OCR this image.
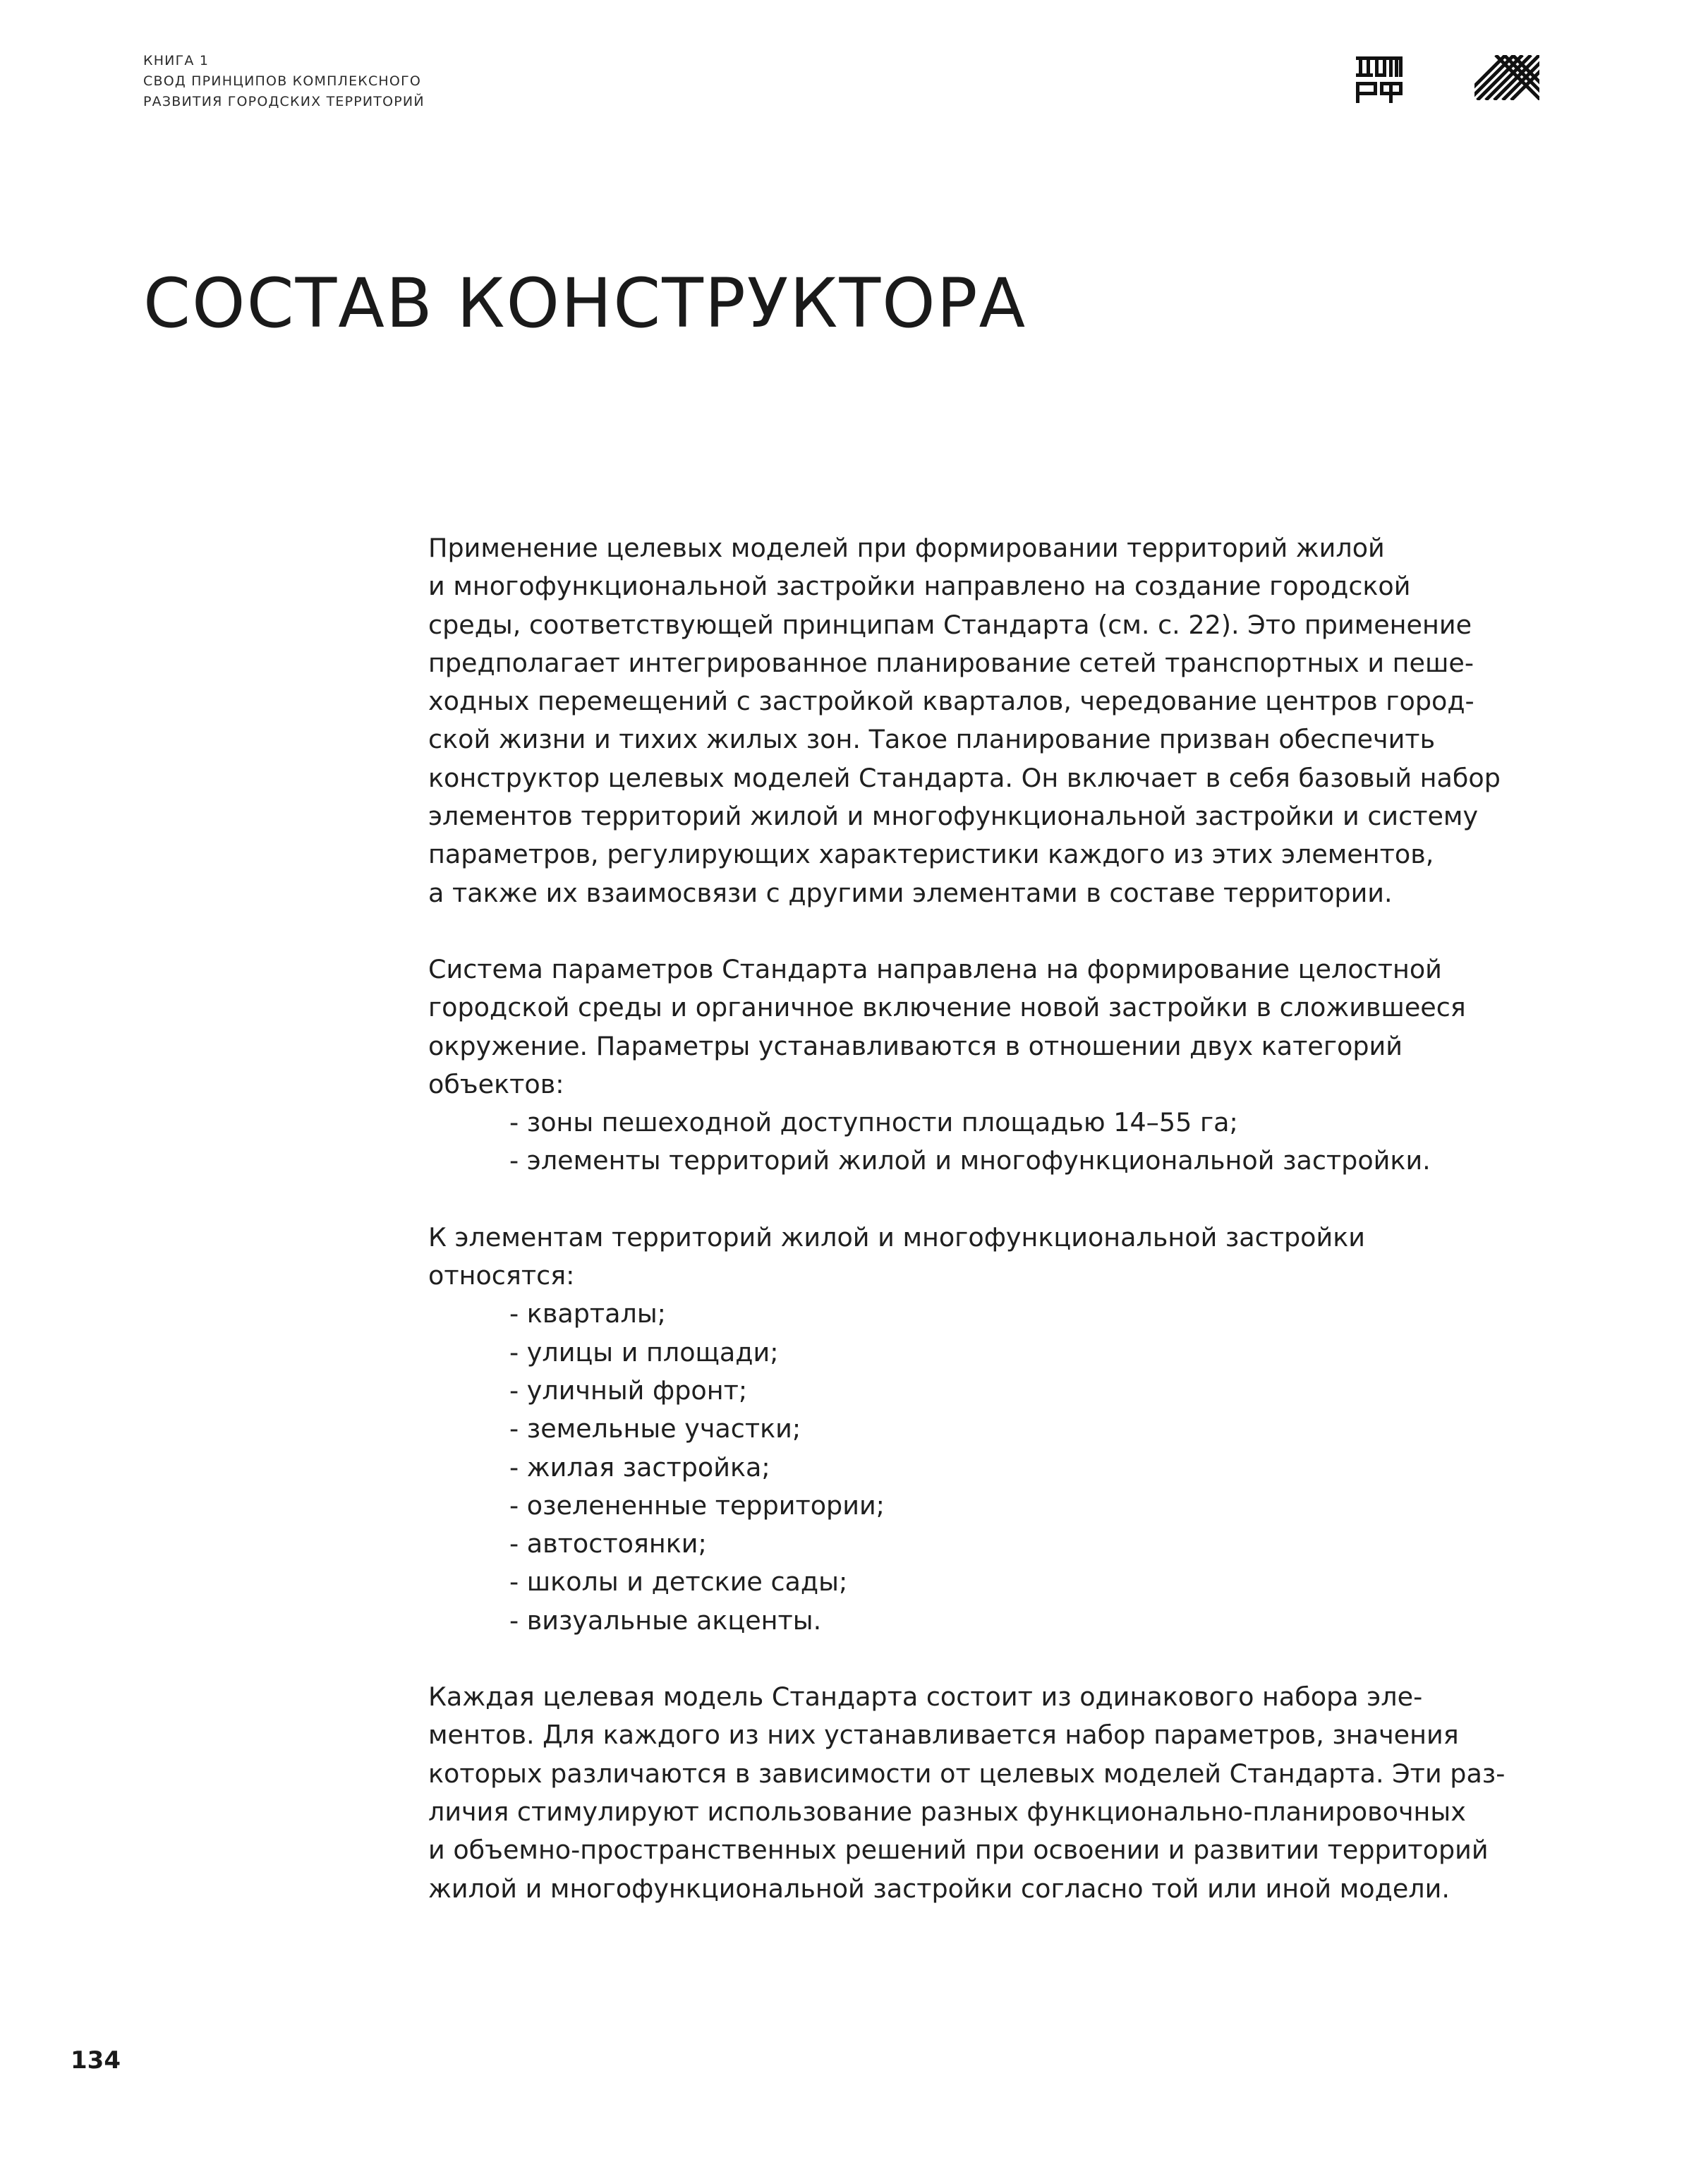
КНИГА 1
СВОД ПРИНЦИПОВ КОМПЛЕКСНОГО
РАЗВИТИЯ ГОРОДСКИХ ТЕРРИТОРИЙ
СОСТАВ КОНСТРУКТОРА

Применение целевых моделей при формировании территорий жилой
и многофункциональной застройки направлено на создание городской
среды, соответствующей принципам Стандарта (см. с. 22). Это применение
предполагает интегрированное планирование сетей транспортных и пеше-
ходных перемещений с застройкой кварталов, чередование центров город-
ской жизни и тихих жилых зон. Такое планирование призван обеспечить
конструктор целевых моделей Стандарта. Он включает в себя базовый набор
элементов территорий жилой и многофункциональной застройки и систему
параметров, регулирующих характеристики каждого из этих элементов,
а также их взаимосвязи с другими элементами в составе территории.

Система параметров Стандарта направлена на формирование целостной
городской среды и органичное включение новой застройки в сложившееся
окружение. Параметры устанавливаются в отношении двух категорий
объектов:

- зоны пешеходной доступности площадью 14–55 га;
- элементы территорий жилой и многофункциональной застройки.

К элементам территорий жилой и многофункциональной застройки
относятся:

- кварталы;
- улицы и площади;
- уличный фронт;
- земельные участки;
- жилая застройка;
- озелененные территории;
- автостоянки;
- школы и детские сады;
- визуальные акценты.

Каждая целевая модель Стандарта состоит из одинакового набора эле-
ментов. Для каждого из них устанавливается набор параметров, значения
которых различаются в зависимости от целевых моделей Стандарта. Эти раз-
личия стимулируют использование разных функционально-планировочных
и объемно-пространственных решений при освоении и развитии территорий
жилой и многофункциональной застройки согласно той или иной модели.

134
